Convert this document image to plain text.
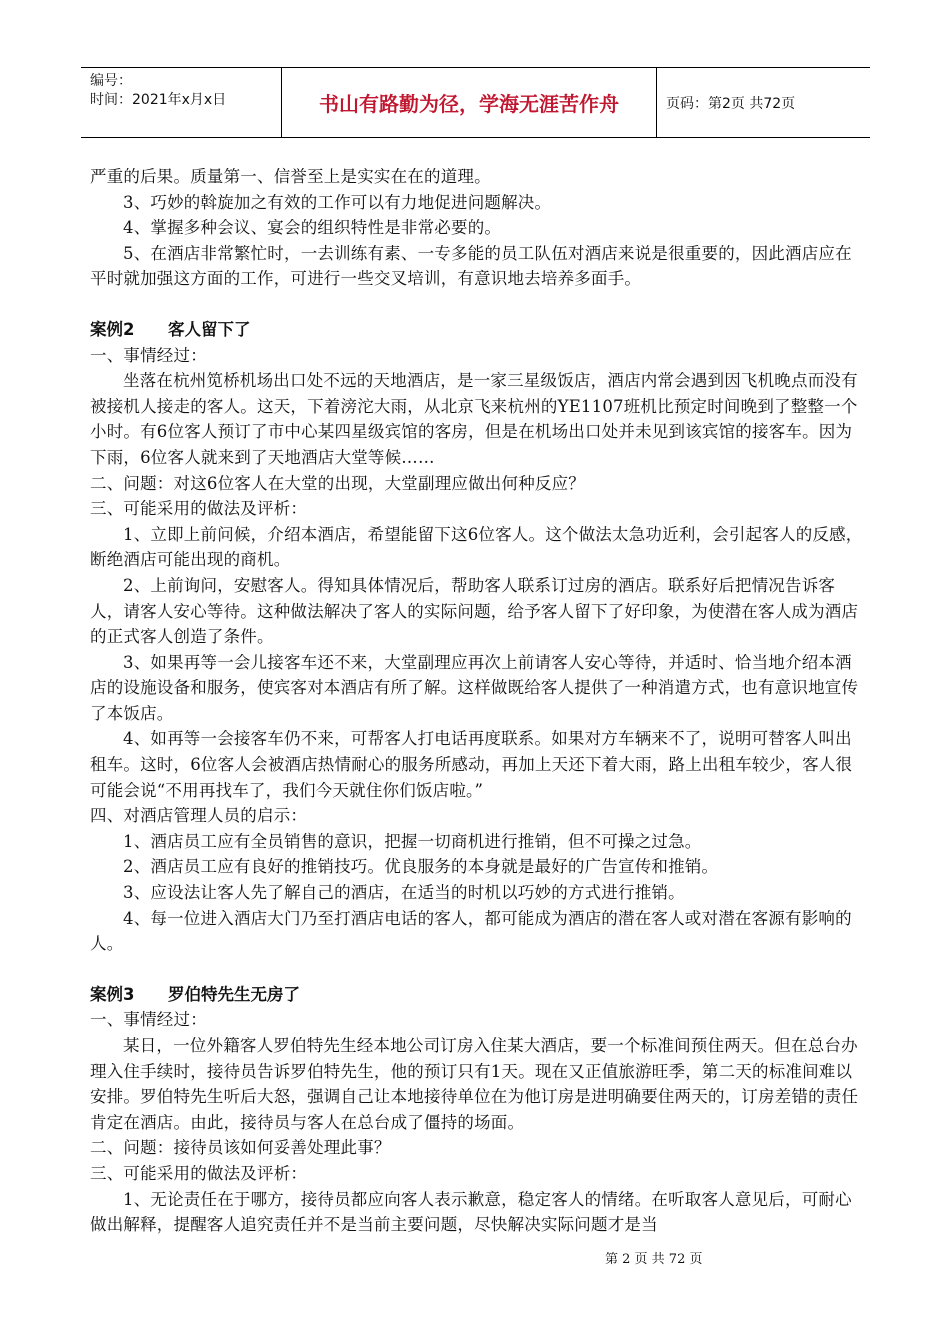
编号：
时间：2021年x月x日	书山有路勤为径，学海无涯苦作舟	页码：第2页 共72页

严重的后果。质量第一、信誉至上是实实在在的道理。

3、巧妙的斡旋加之有效的工作可以有力地促进问题解决。

4、掌握多种会议、宴会的组织特性是非常必要的。

5、在酒店非常繁忙时，一去训练有素、一专多能的员工队伍对酒店来说是很重要的，因此酒店应在平时就加强这方面的工作，可进行一些交叉培训，有意识地去培养多面手。

案例2 客人留下了

一、事情经过：

坐落在杭州笕桥机场出口处不远的天地酒店，是一家三星级饭店，酒店内常会遇到因飞机晚点而没有被接机人接走的客人。这天，下着滂沱大雨，从北京飞来杭州的YE1107班机比预定时间晚到了整整一个小时。有6位客人预订了市中心某四星级宾馆的客房，但是在机场出口处并未见到该宾馆的接客车。因为下雨，6位客人就来到了天地酒店大堂等候……

二、问题：对这6位客人在大堂的出现，大堂副理应做出何种反应？

三、可能采用的做法及评析：

1、立即上前问候，介绍本酒店，希望能留下这6位客人。这个做法太急功近利，会引起客人的反感，断绝酒店可能出现的商机。

2、上前询问，安慰客人。得知具体情况后，帮助客人联系订过房的酒店。联系好后把情况告诉客人，请客人安心等待。这种做法解决了客人的实际问题，给予客人留下了好印象，为使潜在客人成为酒店的正式客人创造了条件。

3、如果再等一会儿接客车还不来，大堂副理应再次上前请客人安心等待，并适时、恰当地介绍本酒店的设施设备和服务，使宾客对本酒店有所了解。这样做既给客人提供了一种消遣方式，也有意识地宣传了本饭店。

4、如再等一会接客车仍不来，可帮客人打电话再度联系。如果对方车辆来不了，说明可替客人叫出租车。这时，6位客人会被酒店热情耐心的服务所感动，再加上天还下着大雨，路上出租车较少，客人很可能会说“不用再找车了，我们今天就住你们饭店啦。”

四、对酒店管理人员的启示：

1、酒店员工应有全员销售的意识，把握一切商机进行推销，但不可操之过急。

2、酒店员工应有良好的推销技巧。优良服务的本身就是最好的广告宣传和推销。

3、应设法让客人先了解自己的酒店，在适当的时机以巧妙的方式进行推销。

4、每一位进入酒店大门乃至打酒店电话的客人，都可能成为酒店的潜在客人或对潜在客源有影响的人。

案例3 罗伯特先生无房了

一、事情经过：

某日，一位外籍客人罗伯特先生经本地公司订房入住某大酒店，要一个标准间预住两天。但在总台办理入住手续时，接待员告诉罗伯特先生，他的预订只有1天。现在又正值旅游旺季，第二天的标准间难以安排。罗伯特先生听后大怒，强调自己让本地接待单位在为他订房是进明确要住两天的，订房差错的责任肯定在酒店。由此，接待员与客人在总台成了僵持的场面。

二、问题：接待员该如何妥善处理此事？

三、可能采用的做法及评析：

1、无论责任在于哪方，接待员都应向客人表示歉意，稳定客人的情绪。在听取客人意见后，可耐心做出解释，提醒客人追究责任并不是当前主要问题，尽快解决实际问题才是当

第 2 页 共 72 页
